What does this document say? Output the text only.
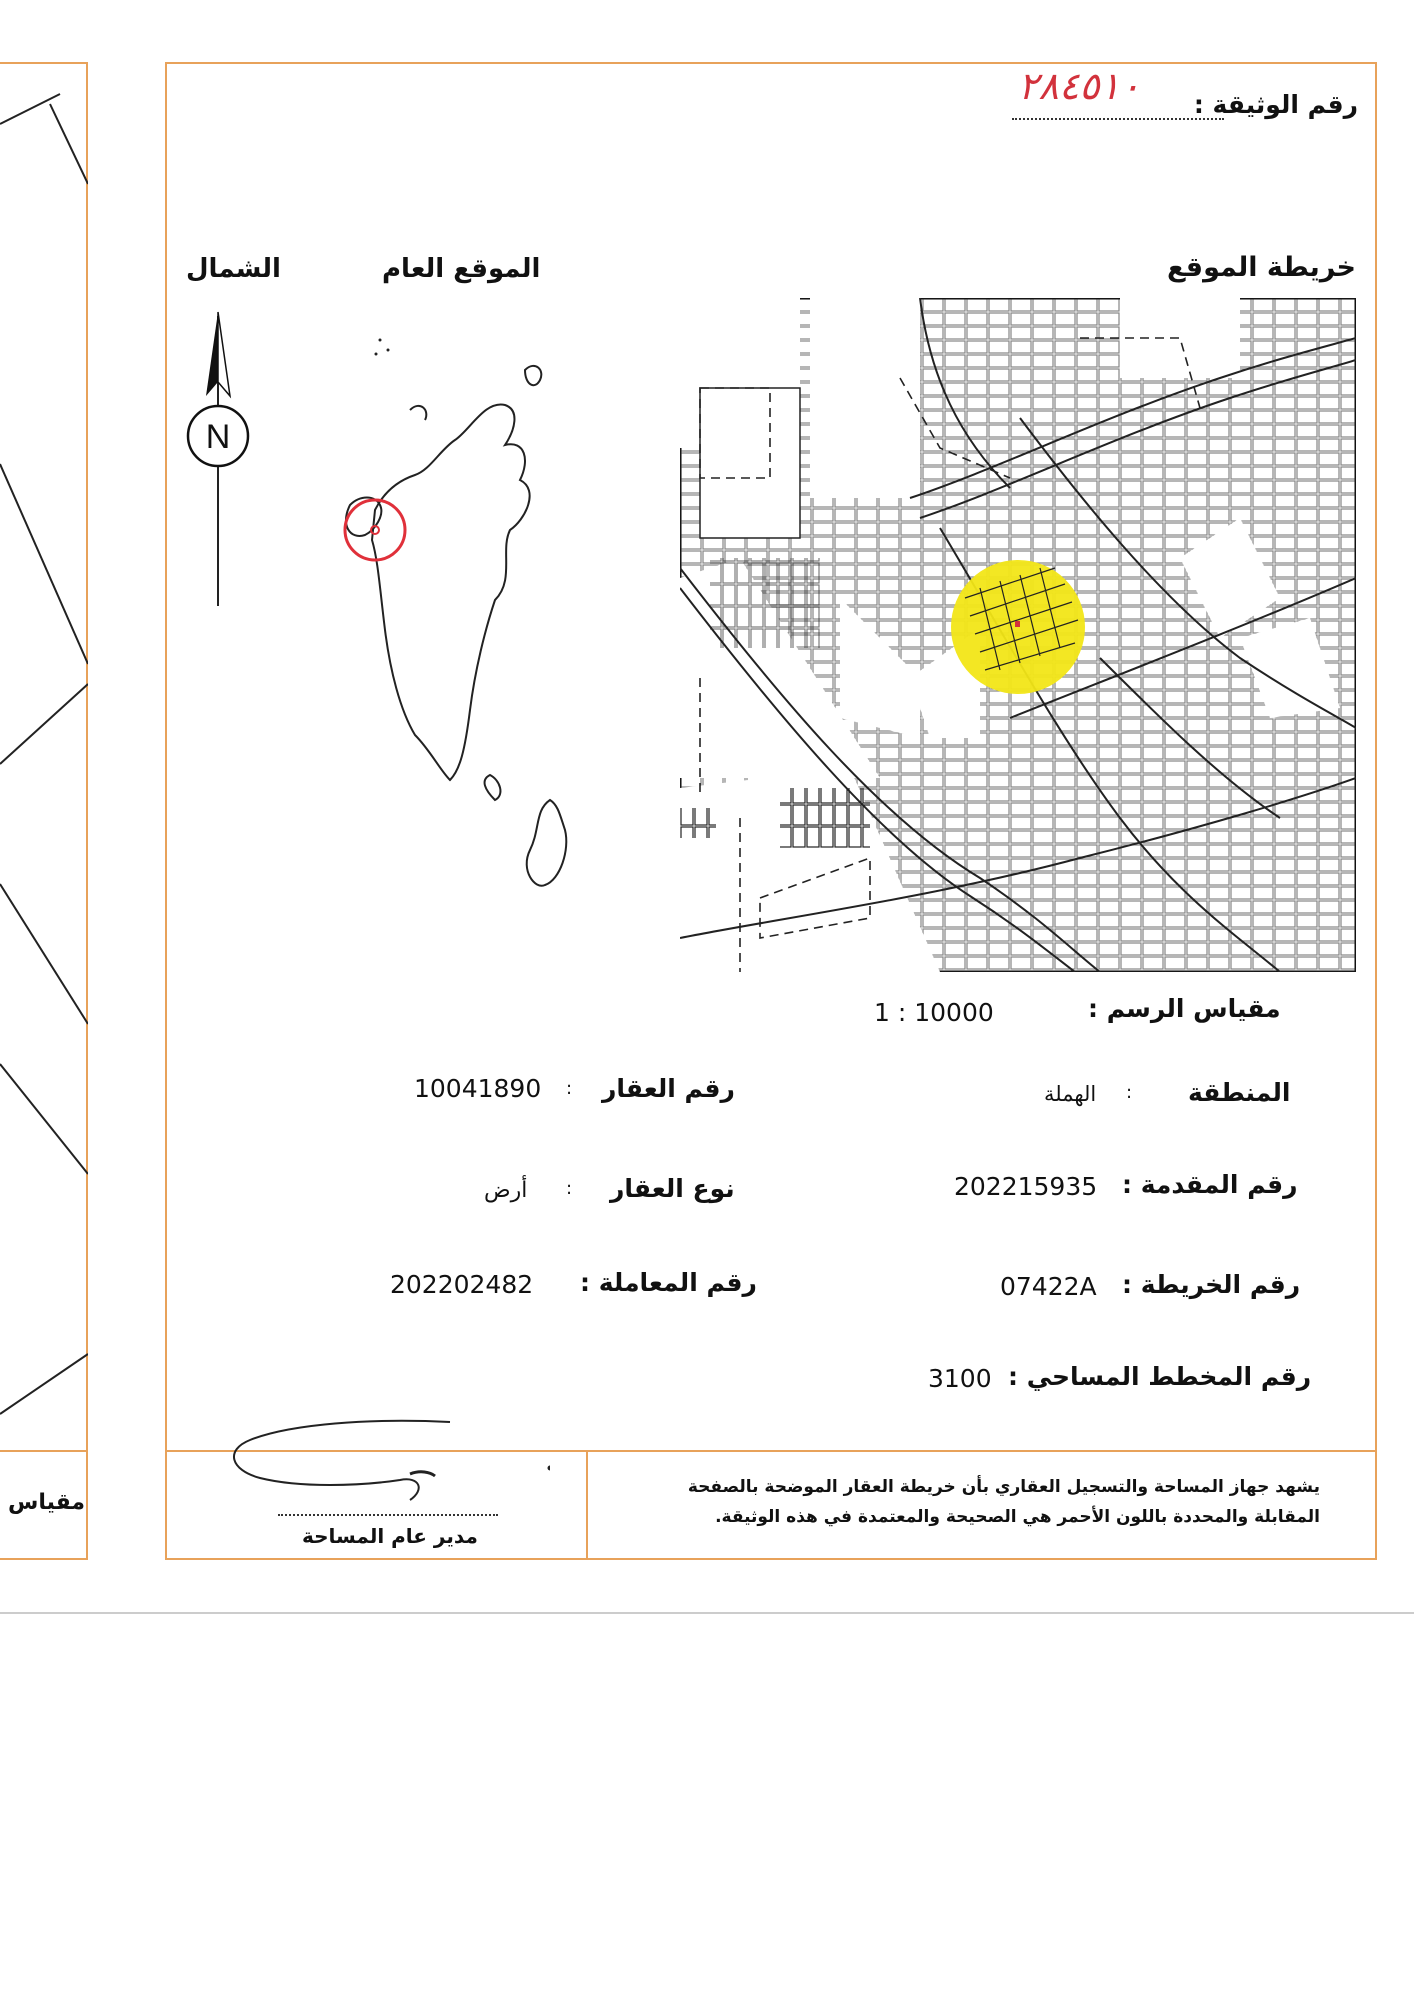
مقياس
رقم الوثيقة :
٢٨٤٥١٠
خريطة الموقع
الموقع العام
الشمال
N
مقياس الرسم :
1 : 10000
المنطقة
:
الهملة
رقم العقار
:
10041890
رقم المقدمة :
202215935
نوع العقار
:
أرض
رقم الخريطة :
07422A
رقم المعاملة :
202202482
رقم المخطط المساحي :
3100
يشهد جهاز المساحة والتسجيل العقاري بأن خريطة العقار الموضحة بالصفحة
المقابلة والمحددة باللون الأحمر هي الصحيحة والمعتمدة في هذه الوثيقة.
مدير عام المساحة
